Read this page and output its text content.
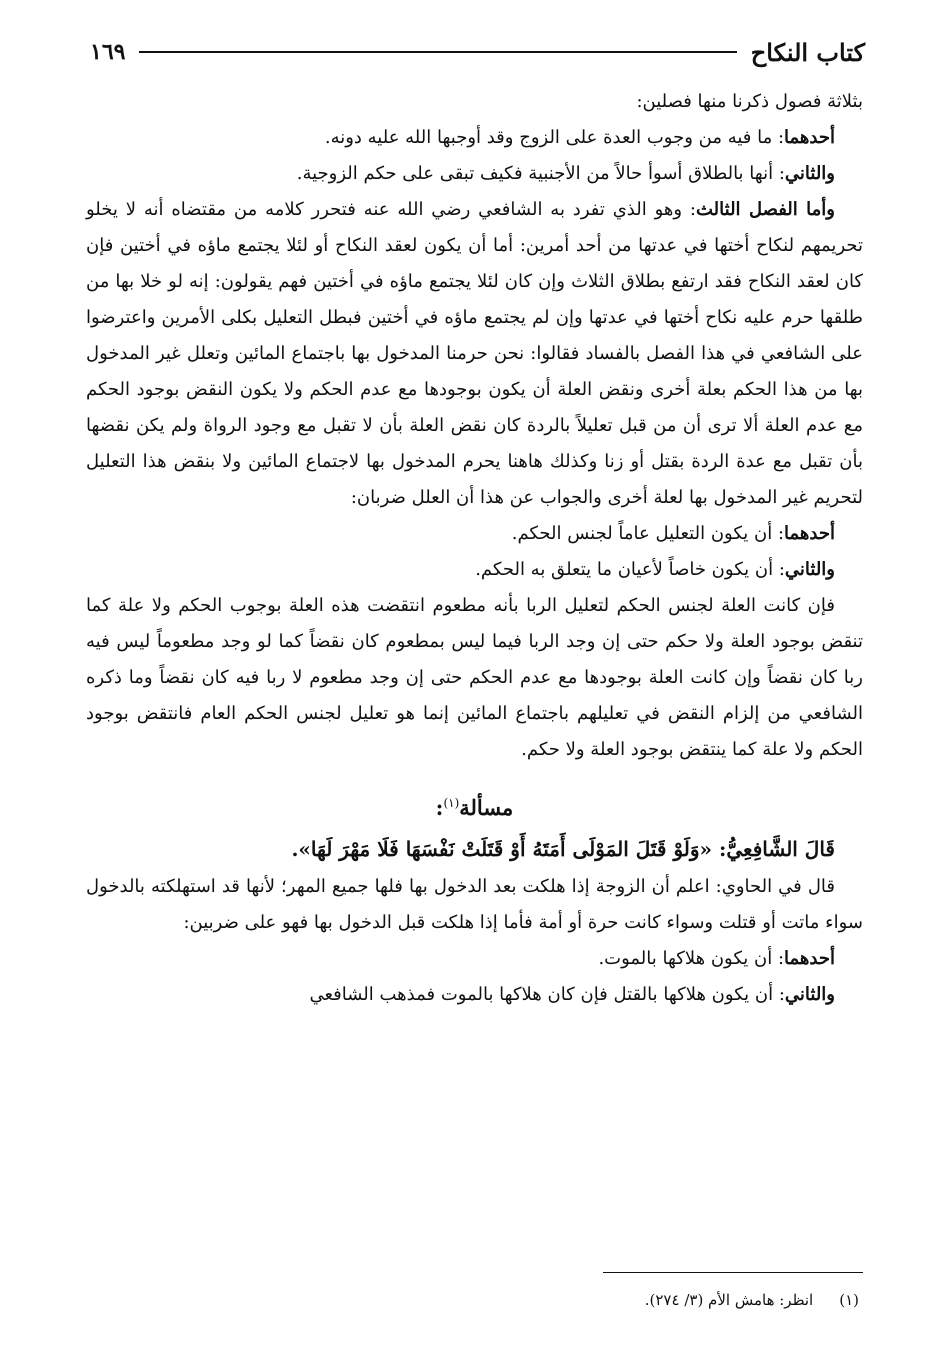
كتاب النكاح
١٦٩

بثلاثة فصول ذكرنا منها فصلين:

أحدهما: ما فيه من وجوب العدة على الزوج وقد أوجبها الله عليه دونه.

والثاني: أنها بالطلاق أسوأ حالاً من الأجنبية فكيف تبقى على حكم الزوجية.

وأما الفصل الثالث: وهو الذي تفرد به الشافعي رضي الله عنه فتحرر كلامه من مقتضاه أنه لا يخلو تحريمهم لنكاح أختها في عدتها من أحد أمرين: أما أن يكون لعقد النكاح أو لئلا يجتمع ماؤه في أختين فإن كان لعقد النكاح فقد ارتفع بطلاق الثلاث وإن كان لئلا يجتمع ماؤه في أختين فهم يقولون: إنه لو خلا بها من طلقها حرم عليه نكاح أختها في عدتها وإن لم يجتمع ماؤه في أختين فبطل التعليل بكلى الأمرين واعترضوا على الشافعي في هذا الفصل بالفساد فقالوا: نحن حرمنا المدخول بها باجتماع المائين وتعلل غير المدخول بها من هذا الحكم بعلة أخرى ونقض العلة أن يكون بوجودها مع عدم الحكم ولا يكون النقض بوجود الحكم مع عدم العلة ألا ترى أن من قبل تعليلاً بالردة كان نقض العلة بأن لا تقبل مع وجود الرواة ولم يكن نقضها بأن تقبل مع عدة الردة بقتل أو زنا وكذلك هاهنا يحرم المدخول بها لاجتماع المائين ولا بنقض هذا التعليل لتحريم غير المدخول بها لعلة أخرى والجواب عن هذا أن العلل ضربان:

أحدهما: أن يكون التعليل عاماً لجنس الحكم.

والثاني: أن يكون خاصاً لأعيان ما يتعلق به الحكم.

فإن كانت العلة لجنس الحكم لتعليل الربا بأنه مطعوم انتقضت هذه العلة بوجوب الحكم ولا علة كما تنقض بوجود العلة ولا حكم حتى إن وجد الربا فيما ليس بمطعوم كان نقضاً كما لو وجد مطعوماً ليس فيه ربا كان نقضاً وإن كانت العلة بوجودها مع عدم الحكم حتى إن وجد مطعوم لا ربا فيه كان نقضاً وما ذكره الشافعي من إلزام النقض في تعليلهم باجتماع المائين إنما هو تعليل لجنس الحكم العام فانتقض بوجود الحكم ولا علة كما ينتقض بوجود العلة ولا حكم.

مسألة$^{(١)}$:

قَالَ الشَّافِعِيُّ: «وَلَوْ قَتَلَ المَوْلَى أَمَتَهُ أَوْ قَتَلَتْ نَفْسَهَا فَلَا مَهْرَ لَهَا».

قال في الحاوي: اعلم أن الزوجة إذا هلكت بعد الدخول بها فلها جميع المهر؛ لأنها قد استهلكته بالدخول سواء ماتت أو قتلت وسواء كانت حرة أو أمة فأما إذا هلكت قبل الدخول بها فهو على ضربين:

أحدهما: أن يكون هلاكها بالموت.

والثاني: أن يكون هلاكها بالقتل فإن كان هلاكها بالموت فمذهب الشافعي

(١)انظر: هامش الأم (٣/ ٢٧٤).
